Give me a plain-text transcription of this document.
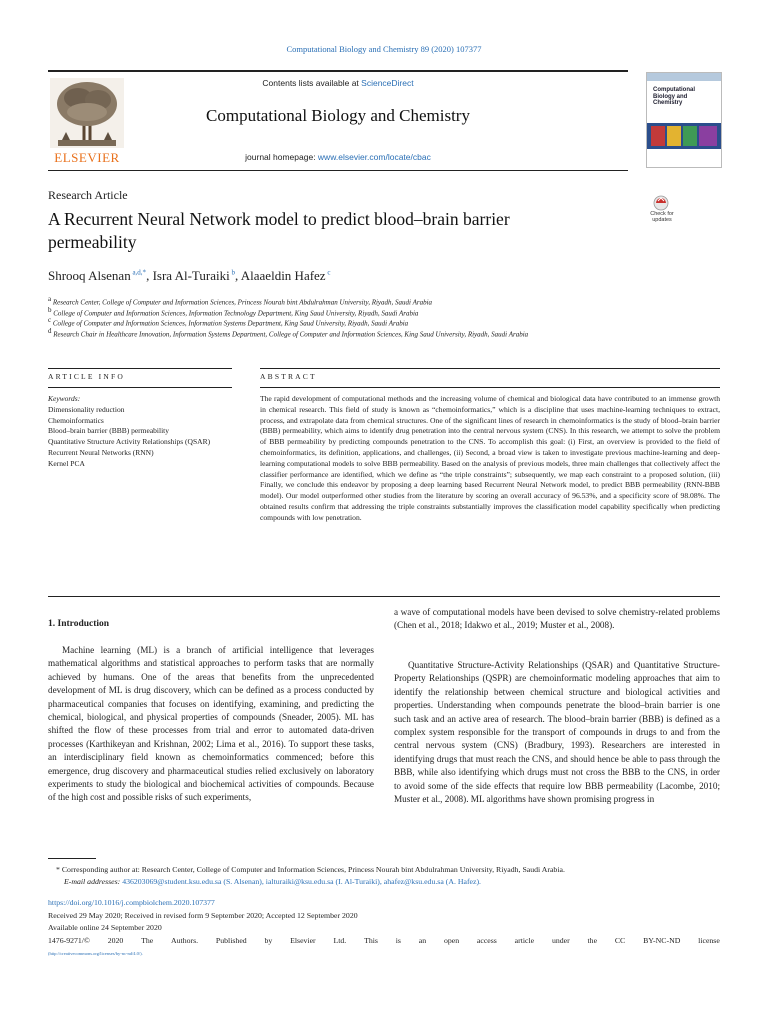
Computational Biology and Chemistry 89 (2020) 107377
ELSEVIER
Contents lists available at ScienceDirect
Computational Biology and Chemistry
journal homepage: www.elsevier.com/locate/cbac
Computational Biology and Chemistry
Research Article
A Recurrent Neural Network model to predict blood–brain barrier permeability
Check for updates
Shrooq Alsenan $^{a,d,*}$, Isra Al-Turaiki $^b$, Alaaeldin Hafez $^c$
$^a$ Research Center, College of Computer and Information Sciences, Princess Nourah bint Abdulrahman University, Riyadh, Saudi Arabia
$^b$ College of Computer and Information Sciences, Information Technology Department, King Saud University, Riyadh, Saudi Arabia
$^c$ College of Computer and Information Sciences, Information Systems Department, King Saud University, Riyadh, Saudi Arabia
$^d$ Research Chair in Healthcare Innovation, Information Systems Department, College of Computer and Information Sciences, King Saud University, Riyadh, Saudi Arabia
ARTICLE INFO	ABSTRACT
Keywords:
Dimensionality reduction
Chemoinformatics
Blood–brain barrier (BBB) permeability
Quantitative Structure Activity Relationships (QSAR)
Recurrent Neural Networks (RNN)
Kernel PCA
The rapid development of computational methods and the increasing volume of chemical and biological data have contributed to an immense growth in chemical research. This field of study is known as “chemoinformatics,” which is a discipline that uses machine-learning techniques to extract, process, and extrapolate data from chemical structures. One of the significant lines of research in chemoinformatics is the study of blood–brain barrier (BBB) permeability, which aims to identify drug penetration into the central nervous system (CNS). In this research, we attempt to solve the problem of BBB permeability by predicting compounds penetration to the CNS. To accomplish this goal: (i) First, an overview is provided to the field of chemoinformatics, its definition, applications, and challenges, (ii) Second, a broad view is taken to investigate previous machine-learning and deep-learning computational models to solve BBB permeability. Based on the analysis of previous models, three main challenges that collectively affect the classifier performance are identified, which we define as “the triple constraints”; subsequently, we map each constraint to a proposed solution, (iii) Finally, we conclude this endeavor by proposing a deep learning based Recurrent Neural Network model, to predict BBB permeability (RNN-BBB model). Our model outperformed other studies from the literature by scoring an overall accuracy of 96.53%, and a specificity score of 98.08%. The obtained results confirm that addressing the triple constraints substantially improves the classification model capability specifically when predicting compounds with low penetration.
1. Introduction
Machine learning (ML) is a branch of artificial intelligence that leverages mathematical algorithms and statistical approaches to perform tasks that are normally achieved by humans. One of the areas that benefits from the unprecedented development of ML is drug discovery, which can be defined as a process conducted by pharmaceutical companies that focuses on identifying, examining, and predicting the chemical, biological, and physical properties of compounds (Sneader, 2005). ML has shifted the flow of these processes from trial and error to automated data-driven processes (Karthikeyan and Krishnan, 2002; Lima et al., 2016). To support these tasks, an interdisciplinary field known as chemoinformatics commenced; before this emergence, drug discovery and pharmaceutical studies relied exclusively on laboratory experiments to study the biological and biochemical activities of compounds. Because of the high cost and possible risks of such experiments,
a wave of computational models have been devised to solve chemistry-related problems (Chen et al., 2018; Idakwo et al., 2019; Muster et al., 2008).
Quantitative Structure-Activity Relationships (QSAR) and Quantitative Structure-Property Relationships (QSPR) are chemoinformatic modeling approaches that aim to identify the relationship between chemical structure and biological activities and properties. Understanding when compounds penetrate the blood–brain barrier is one such task and an active area of research. The blood–brain barrier (BBB) is defined as a complex system responsible for the transport of compounds in drugs to and from the central nervous system (CNS) (Bradbury, 1993). Researchers are interested in identifying drugs that must reach the CNS, and should hence be able to pass through the BBB, while also identifying which drugs must not cross the BBB to the CNS, in order to avoid some of the side effects that require low BBB permeability (Lacombe, 2010; Muster et al., 2008). ML algorithms have shown promising progress in
* Corresponding author at: Research Center, College of Computer and Information Sciences, Princess Nourah bint Abdulrahman University, Riyadh, Saudi Arabia.
E-mail addresses: 436203069@student.ksu.edu.sa (S. Alsenan), ialturaiki@ksu.edu.sa (I. Al-Turaiki), ahafez@ksu.edu.sa (A. Hafez).
https://doi.org/10.1016/j.compbiolchem.2020.107377
Received 29 May 2020; Received in revised form 9 September 2020; Accepted 12 September 2020
Available online 24 September 2020
1476-9271/© 2020 The Authors. Published by Elsevier Ltd. This is an open access article under the CC BY-NC-ND license
(http://creativecommons.org/licenses/by-nc-nd/4.0/).
